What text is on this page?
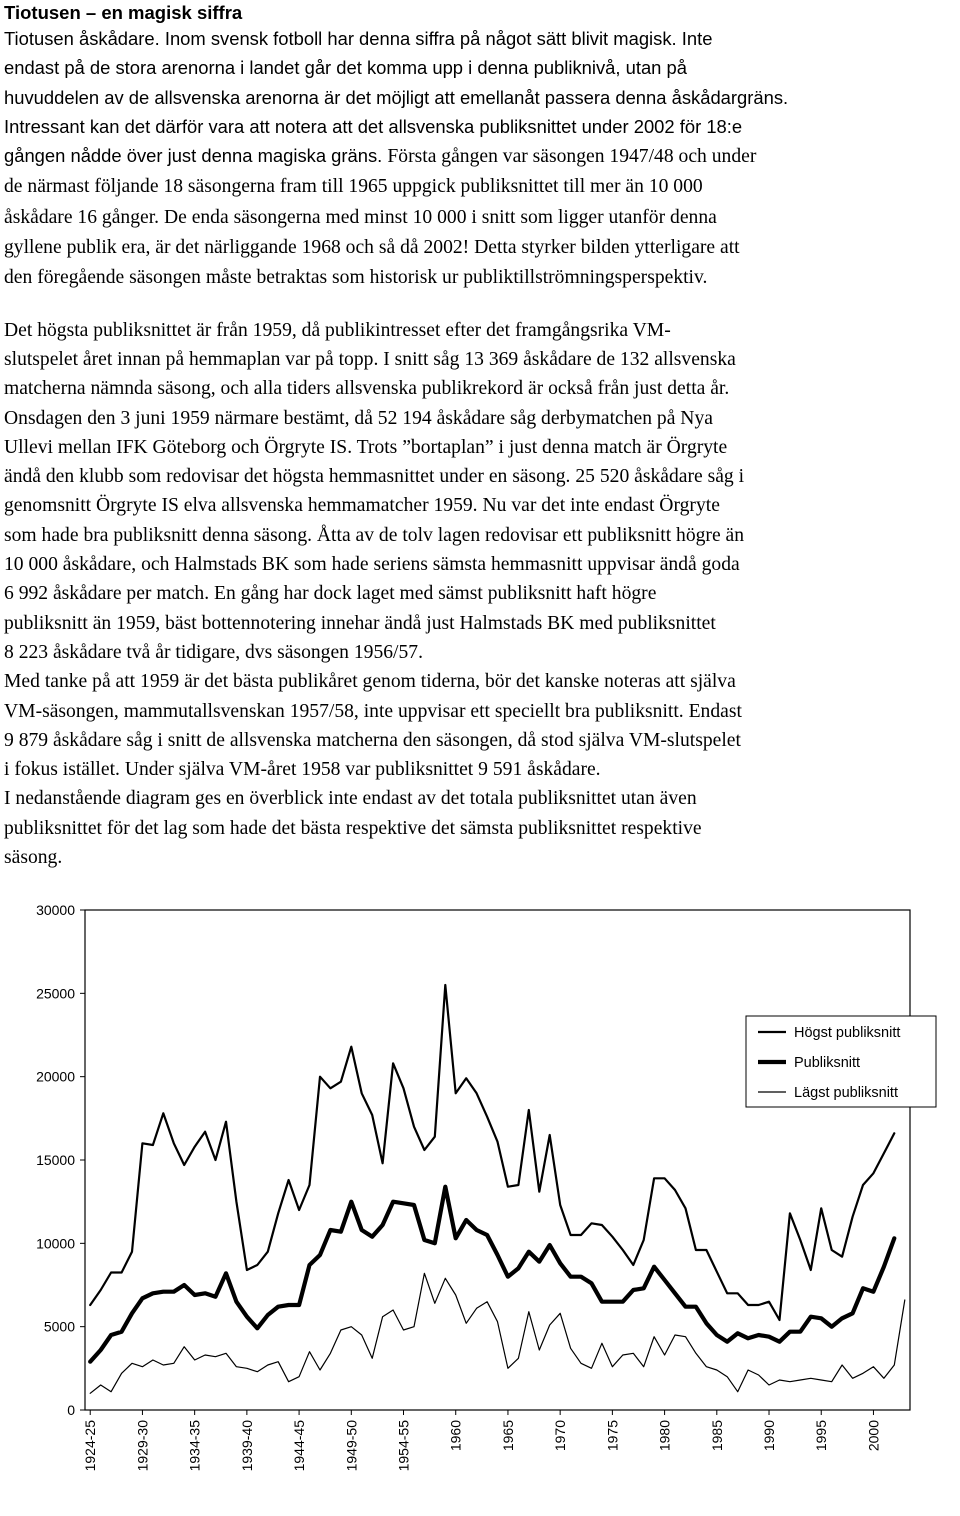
Tiotusen – en magisk siffra

Tiotusen åskådare. Inom svensk fotboll har denna siffra på något sätt blivit magisk. Inte
endast på de stora arenorna i landet går det komma upp i denna publiknivå, utan på
huvuddelen av de allsvenska arenorna är det möjligt att emellanåt passera denna åskådargräns.
Intressant kan det därför vara att notera att det allsvenska publiksnittet under 2002 för 18:e
gången nådde över just denna magiska gräns. Första gången var säsongen 1947/48 och under
de närmast följande 18 säsongerna fram till 1965 uppgick publiksnittet till mer än 10 000
åskådare 16 gånger. De enda säsongerna med minst 10 000 i snitt som ligger utanför denna
gyllene publik era, är det närliggande 1968 och så då 2002! Detta styrker bilden ytterligare att
den föregående säsongen måste betraktas som historisk ur publiktillströmningsperspektiv.

Det högsta publiksnittet är från 1959, då publikintresset efter det framgångsrika VM-
slutspelet året innan på hemmaplan var på topp. I snitt såg 13 369 åskådare de 132 allsvenska
matcherna nämnda säsong, och alla tiders allsvenska publikrekord är också från just detta år.
Onsdagen den 3 juni 1959 närmare bestämt, då 52 194 åskådare såg derbymatchen på Nya
Ullevi mellan IFK Göteborg och Örgryte IS. Trots ”bortaplan” i just denna match är Örgryte
ändå den klubb som redovisar det högsta hemmasnittet under en säsong. 25 520 åskådare såg i
genomsnitt Örgryte IS elva allsvenska hemmamatcher 1959. Nu var det inte endast Örgryte
som hade bra publiksnitt denna säsong. Åtta av de tolv lagen redovisar ett publiksnitt högre än
10 000 åskådare, och Halmstads BK som hade seriens sämsta hemmasnitt uppvisar ändå goda
6 992 åskådare per match. En gång har dock laget med sämst publiksnitt haft högre
publiksnitt än 1959, bäst bottennotering innehar ändå just Halmstads BK med publiksnittet
8 223 åskådare två år tidigare, dvs säsongen 1956/57.
Med tanke på att 1959 är det bästa publikåret genom tiderna, bör det kanske noteras att själva
VM-säsongen, mammutallsvenskan 1957/58, inte uppvisar ett speciellt bra publiksnitt. Endast
9 879 åskådare såg i snitt de allsvenska matcherna den säsongen, då stod själva VM-slutspelet
i fokus istället. Under själva VM-året 1958 var publiksnittet 9 591 åskådare.
I nedanstående diagram ges en överblick inte endast av det totala publiksnittet utan även
publiksnittet för det lag som hade det bästa respektive det sämsta publiksnittet respektive
säsong.

0
5000
10000
15000
20000
25000
30000
1924-25	1929-30	1934-35	1939-40	1944-45	1949-50	1954-55	1960	1965	1970	1975	1980	1985	1990	1995	2000
Högst publiksnitt
Publiksnitt
Lägst publiksnitt
